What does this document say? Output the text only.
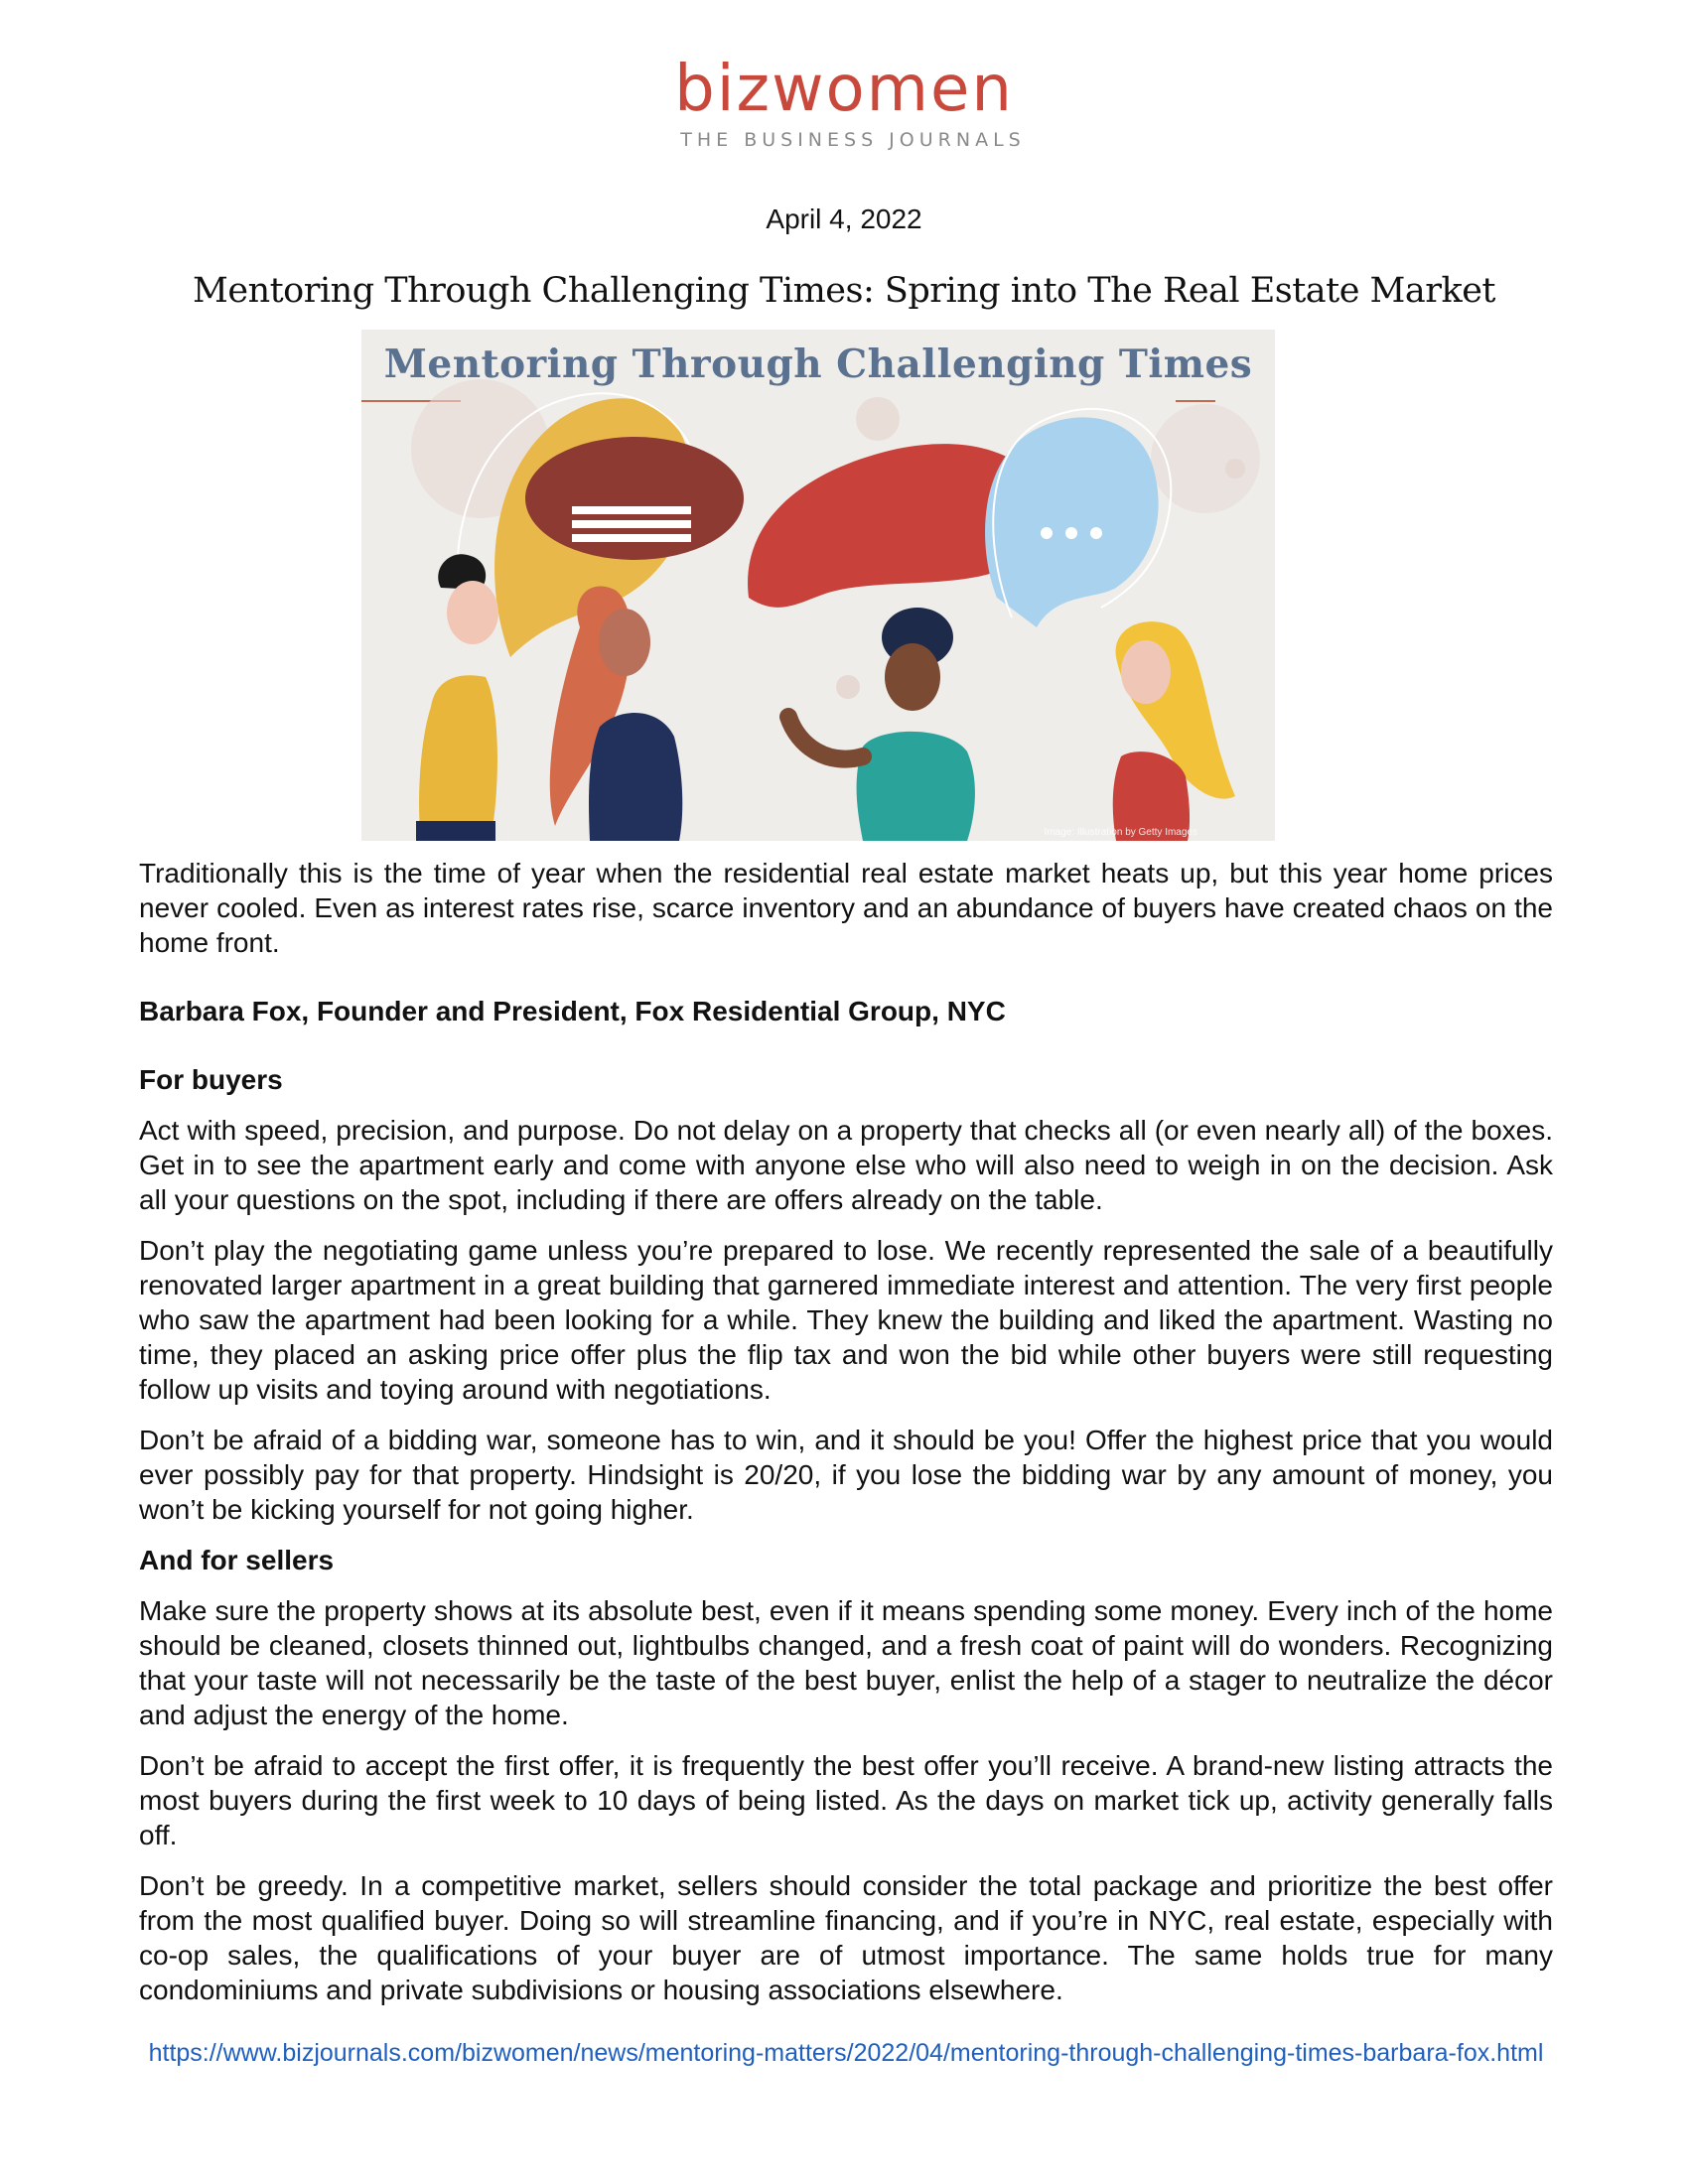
bizwomen
THE BUSINESS JOURNALS
April 4, 2022
Mentoring Through Challenging Times: Spring into The Real Estate Market
Mentoring Through Challenging Times
Image: Illustration by Getty Images

Traditionally this is the time of year when the residential real estate market heats up, but this year home prices never cooled. Even as interest rates rise, scarce inventory and an abundance of buyers have created chaos on the home front.

Barbara Fox, Founder and President, Fox Residential Group, NYC

For buyers

Act with speed, precision, and purpose. Do not delay on a property that checks all (or even nearly all) of the boxes. Get in to see the apartment early and come with anyone else who will also need to weigh in on the decision. Ask all your questions on the spot, including if there are offers already on the table.

Don’t play the negotiating game unless you’re prepared to lose. We recently represented the sale of a beautifully renovated larger apartment in a great building that garnered immediate interest and attention. The very first people who saw the apartment had been looking for a while. They knew the building and liked the apartment. Wasting no time, they placed an asking price offer plus the flip tax and won the bid while other buyers were still requesting follow up visits and toying around with negotiations.

Don’t be afraid of a bidding war, someone has to win, and it should be you! Offer the highest price that you would ever possibly pay for that property. Hindsight is 20/20, if you lose the bidding war by any amount of money, you won’t be kicking yourself for not going higher.

And for sellers

Make sure the property shows at its absolute best, even if it means spending some money. Every inch of the home should be cleaned, closets thinned out, lightbulbs changed, and a fresh coat of paint will do wonders. Recognizing that your taste will not necessarily be the taste of the best buyer, enlist the help of a stager to neutralize the décor and adjust the energy of the home.

Don’t be afraid to accept the first offer, it is frequently the best offer you’ll receive. A brand-new listing attracts the most buyers during the first week to 10 days of being listed. As the days on market tick up, activity generally falls off.

Don’t be greedy. In a competitive market, sellers should consider the total package and prioritize the best offer from the most qualified buyer. Doing so will streamline financing, and if you’re in NYC, real estate, especially with co-op sales, the qualifications of your buyer are of utmost importance. The same holds true for many condominiums and private subdivisions or housing associations elsewhere.

https://www.bizjournals.com/bizwomen/news/mentoring-matters/2022/04/mentoring-through-challenging-times-barbara-fox.html
